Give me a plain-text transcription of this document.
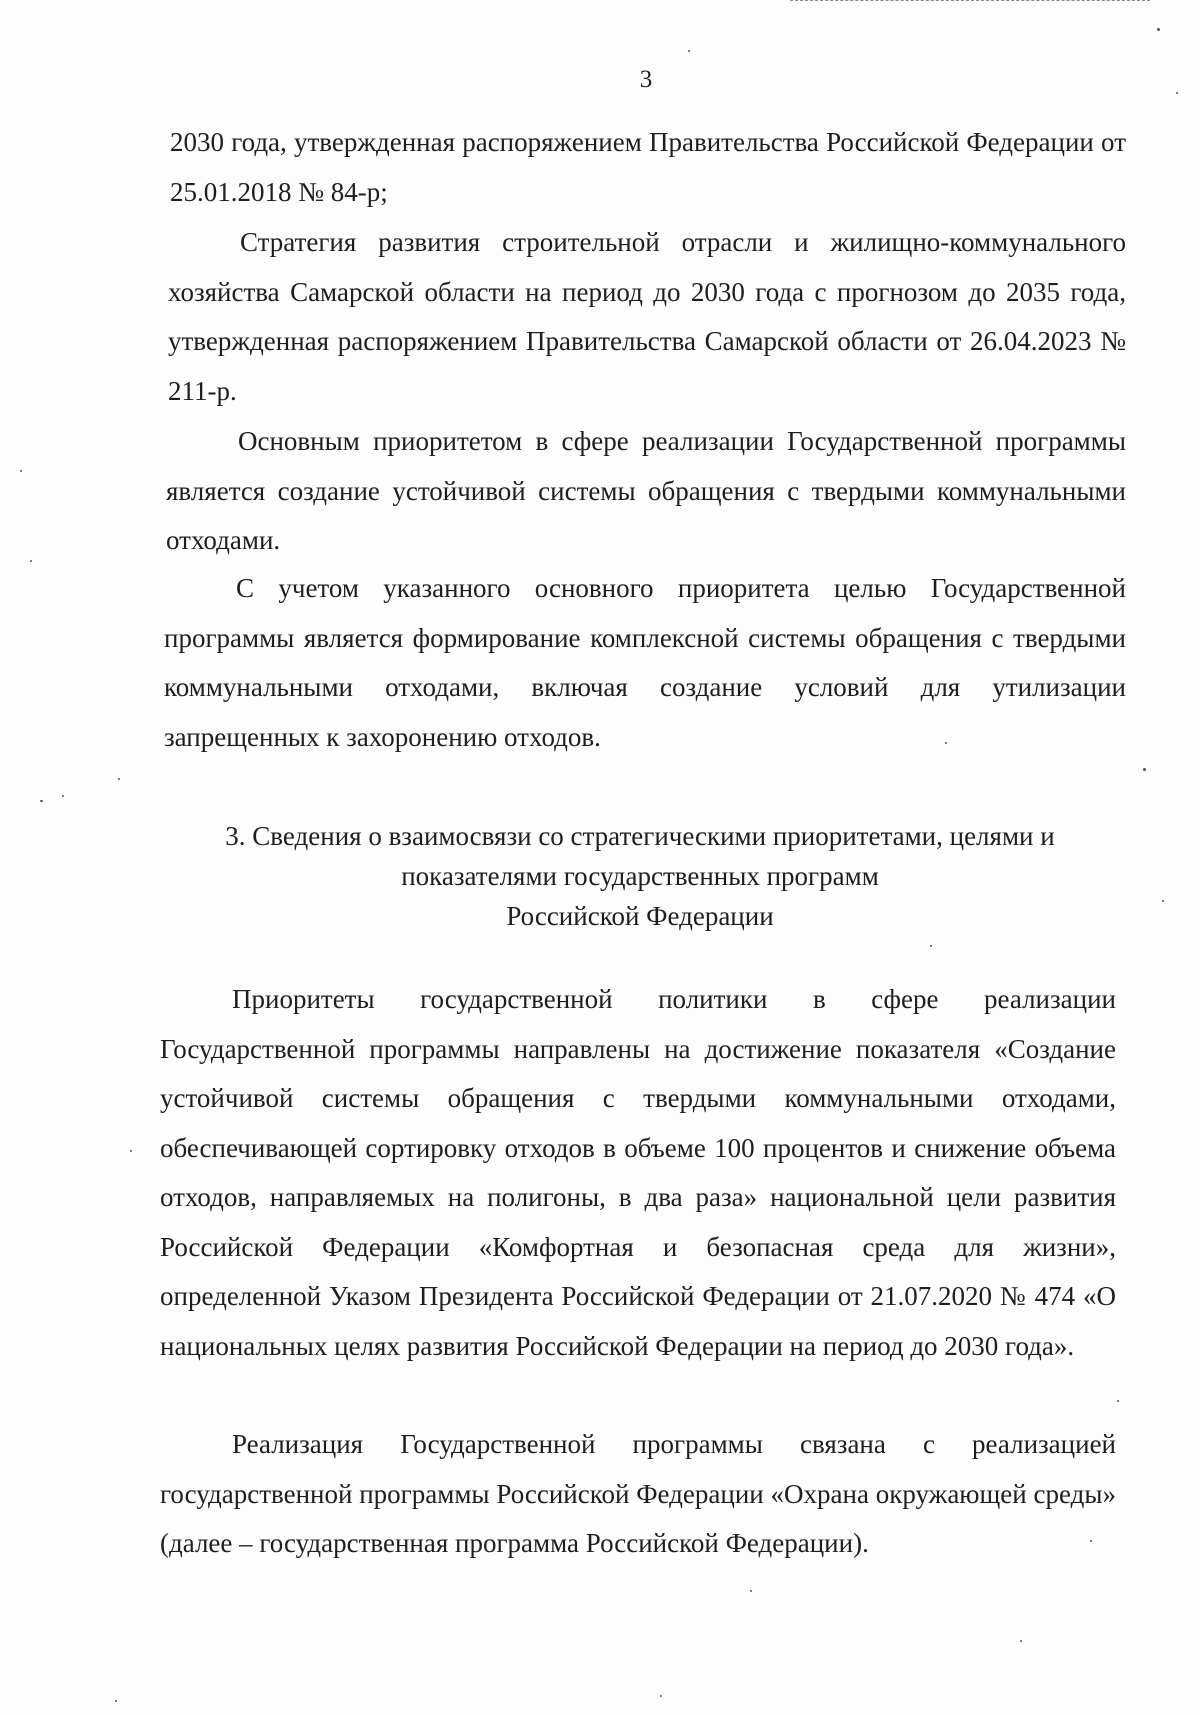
3

2030 года, утвержденная распоряжением Правительства Российской Федерации от 25.01.2018 № 84-р;

Стратегия развития строительной отрасли и жилищно-коммунального хозяйства Самарской области на период до 2030 года с прогнозом до 2035 года, утвержденная распоряжением Правительства Самарской области от 26.04.2023 № 211-р.

Основным приоритетом в сфере реализации Государственной программы является создание устойчивой системы обращения с твердыми коммунальными отходами.

С учетом указанного основного приоритета целью Государственной программы является формирование комплексной системы обращения с твердыми коммунальными отходами, включая создание условий для утилизации запрещенных к захоронению отходов.

3. Сведения о взаимосвязи со стратегическими приоритетами, целями и
показателями государственных программ
Российской Федерации

Приоритеты государственной политики в сфере реализации Государственной программы направлены на достижение показателя «Создание устойчивой системы обращения с твердыми коммунальными отходами, обеспечивающей сортировку отходов в объеме 100 процентов и снижение объема отходов, направляемых на полигоны, в два раза» национальной цели развития Российской Федерации «Комфортная и безопасная среда для жизни», определенной Указом Президента Российской Федерации от 21.07.2020 № 474 «О национальных целях развития Российской Федерации на период до 2030 года».

Реализация Государственной программы связана с реализацией государственной программы Российской Федерации «Охрана окружающей среды» (далее – государственная программа Российской Федерации).
